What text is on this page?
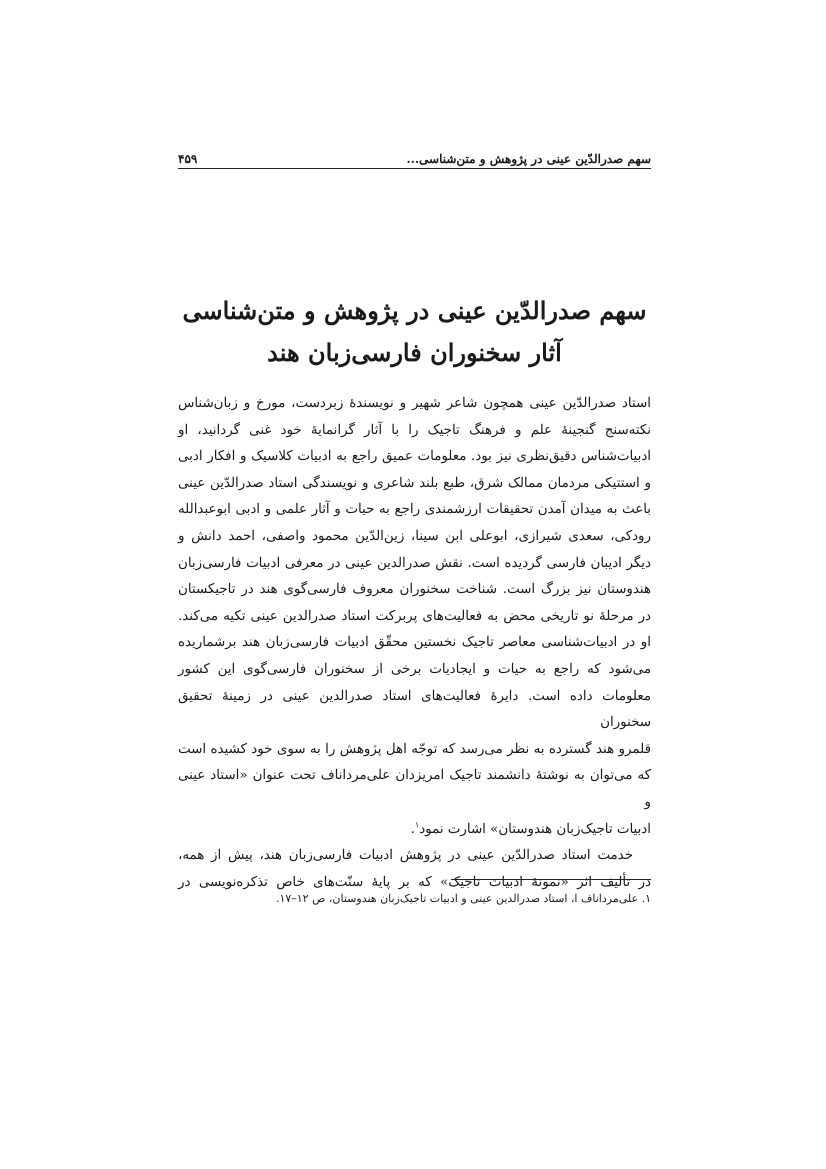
سهم صدرالدّین عینی در پژوهش و متن‌شناسی...
۴۵۹
سهم صدرالدّین عینی در پژوهش و متن‌شناسی
آثار سخنوران فارسی‌زبان هند

استاد صدرالدّین عینی همچون شاعر شهیر و نویسندۀ زبردست، مورخ و زبان‌شناس

نکته‌سنج گنجینۀ علم و فرهنگ تاجیک را با آثار گرانمایۀ خود غنی گردانید، او

ادبیات‌شناس دقیق‌نظری نیز بود. معلومات عمیق راجع به ادبیات کلاسیک و افکار ادبی

و استتیکی مردمان ممالک شرق، طبع بلند شاعری و نویسندگی استاد صدرالدّین عینی

باعث به میدان آمدن تحقیقات ارزشمندی راجع به حیات و آثار علمی و ادبی ابوعبدالله

رودکی، سعدی شیرازی، ابوعلی ابن سینا، زین‌الدّین محمود واصفی، احمد دانش و

دیگر ادیبان فارسی گردیده است. نقش صدرالدین عینی در معرفی ادبیات فارسی‌زبان

هندوستان نیز بزرگ است. شناخت سخنوران معروف فارسی‌گوی هند در تاجیکستان

در مرحلۀ نو تاریخی محض به فعالیت‌های پربرکت استاد صدرالدین عینی تکیه می‌کند.

او در ادبیات‌شناسی معاصر تاجیک نخستین محقّق ادبیات فارسی‌زبان هند برشماریده

می‌شود که راجع به حیات و ایجادیات برخی از سخنوران فارسی‌گوی این کشور

معلومات داده است. دایرۀ فعالیت‌های استاد صدرالدین عینی در زمینۀ تحقیق سخنوران

قلمرو هند گسترده به نظر می‌رسد که توجّه اهل پژوهش را به سوی خود کشیده است

که می‌توان به نوشتۀ دانشمند تاجیک امریزدان علی‌مرداناف تحت عنوان «استاد عینی و

ادبیات تاجیک‌زبان هندوستان» اشارت نمود$^۱$.

خدمت استاد صدرالدّین عینی در پژوهش ادبیات فارسی‌زبان هند، پیش از همه،

در تألیف اثر «نمونۀ ادبیات تاجیک» که بر پایۀ سنّت‌های خاص تذکره‌نویسی در

۱. علی‌مرداناف ا، استاد صدرالدین عینی و ادبیات تاجیک‌زبان هندوستان، ص ۱۲–۱۷.
